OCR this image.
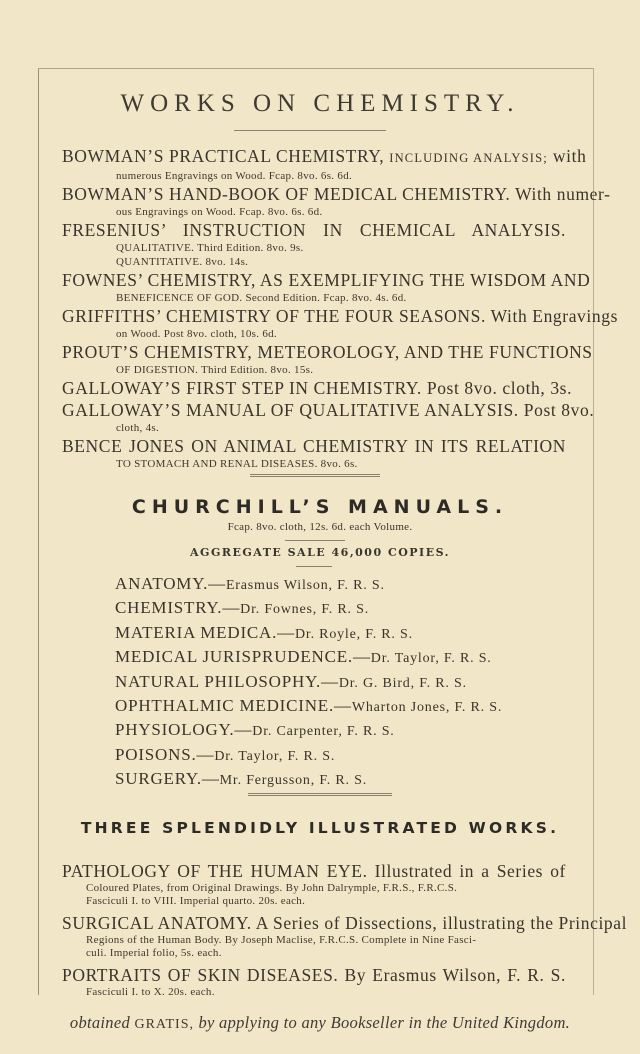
WORKS ON CHEMISTRY.
BOWMAN’S PRACTICAL CHEMISTRY, INCLUDING ANALYSIS; with
numerous Engravings on Wood. Fcap. 8vo. 6s. 6d.
BOWMAN’S HAND-BOOK OF MEDICAL CHEMISTRY. With numer-
ous Engravings on Wood. Fcap. 8vo. 6s. 6d.
FRESENIUS’ INSTRUCTION IN CHEMICAL ANALYSIS.
QUALITATIVE. Third Edition. 8vo. 9s.
QUANTITATIVE. 8vo. 14s.
FOWNES’ CHEMISTRY, AS EXEMPLIFYING THE WISDOM AND
BENEFICENCE OF GOD. Second Edition. Fcap. 8vo. 4s. 6d.
GRIFFITHS’ CHEMISTRY OF THE FOUR SEASONS. With Engravings
on Wood. Post 8vo. cloth, 10s. 6d.
PROUT’S CHEMISTRY, METEOROLOGY, AND THE FUNCTIONS
OF DIGESTION. Third Edition. 8vo. 15s.
GALLOWAY’S FIRST STEP IN CHEMISTRY. Post 8vo. cloth, 3s.
GALLOWAY’S MANUAL OF QUALITATIVE ANALYSIS. Post 8vo.
cloth, 4s.
BENCE JONES ON ANIMAL CHEMISTRY IN ITS RELATION
TO STOMACH AND RENAL DISEASES. 8vo. 6s.
CHURCHILL’S MANUALS.
Fcap. 8vo. cloth, 12s. 6d. each Volume.
AGGREGATE SALE 46,000 COPIES.
ANATOMY.—Erasmus Wilson, F. R. S.
CHEMISTRY.—Dr. Fownes, F. R. S.
MATERIA MEDICA.—Dr. Royle, F. R. S.
MEDICAL JURISPRUDENCE.—Dr. Taylor, F. R. S.
NATURAL PHILOSOPHY.—Dr. G. Bird, F. R. S.
OPHTHALMIC MEDICINE.—Wharton Jones, F. R. S.
PHYSIOLOGY.—Dr. Carpenter, F. R. S.
POISONS.—Dr. Taylor, F. R. S.
SURGERY.—Mr. Fergusson, F. R. S.
THREE SPLENDIDLY ILLUSTRATED WORKS.
PATHOLOGY OF THE HUMAN EYE. Illustrated in a Series of
Coloured Plates, from Original Drawings. By John Dalrymple, F.R.S., F.R.C.S.
Fasciculi I. to VIII. Imperial quarto. 20s. each.
SURGICAL ANATOMY. A Series of Dissections, illustrating the Principal
Regions of the Human Body. By Joseph Maclise, F.R.C.S. Complete in Nine Fasci-
culi. Imperial folio, 5s. each.
PORTRAITS OF SKIN DISEASES. By Erasmus Wilson, F. R. S.
Fasciculi I. to X. 20s. each.
obtained GRATIS, by applying to any Bookseller in the United Kingdom.
